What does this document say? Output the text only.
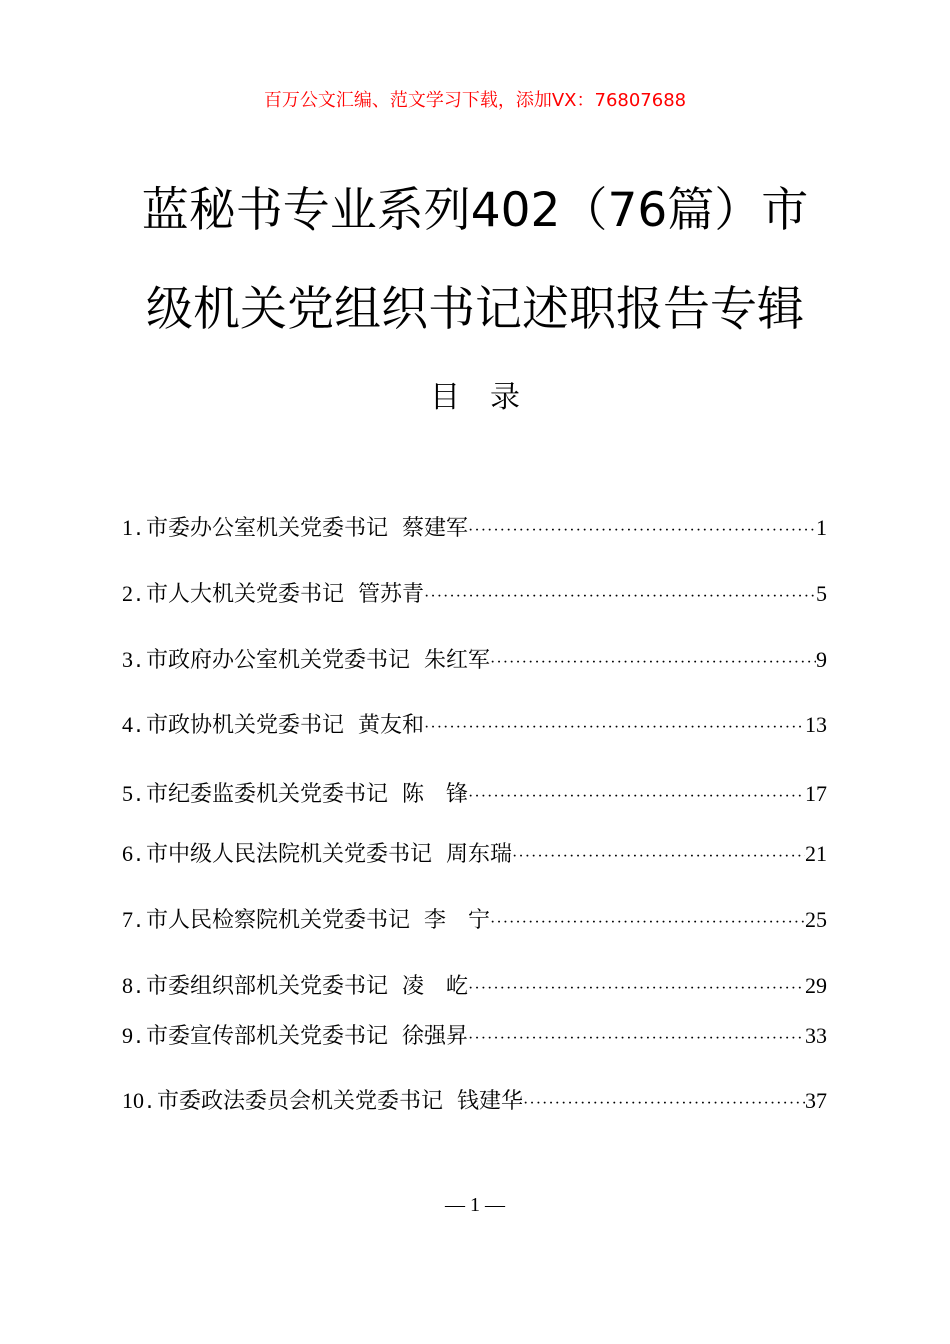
百万公文汇编、范文学习下载，添加VX：76807688
蓝秘书专业系列402（76篇）市
级机关党组织书记述职报告专辑
目录
1 . 市委办公室机关党委书记 蔡建军 ·····	1
2 . 市人大机关党委书记 管苏青 ·····	5
3 . 市政府办公室机关党委书记 朱红军 ·····	9
4 . 市政协机关党委书记 黄友和 ·····	13
5 . 市纪委监委机关党委书记 陈　锋 ·····	17
6 . 市中级人民法院机关党委书记 周东瑞 ·····	21
7 . 市人民检察院机关党委书记 李　宁 ·····	25
8 . 市委组织部机关党委书记 凌　屹 ·····	29
9 . 市委宣传部机关党委书记 徐强昇 ·····	33
10 . 市委政法委员会机关党委书记 钱建华 ·····	37
— 1 —
